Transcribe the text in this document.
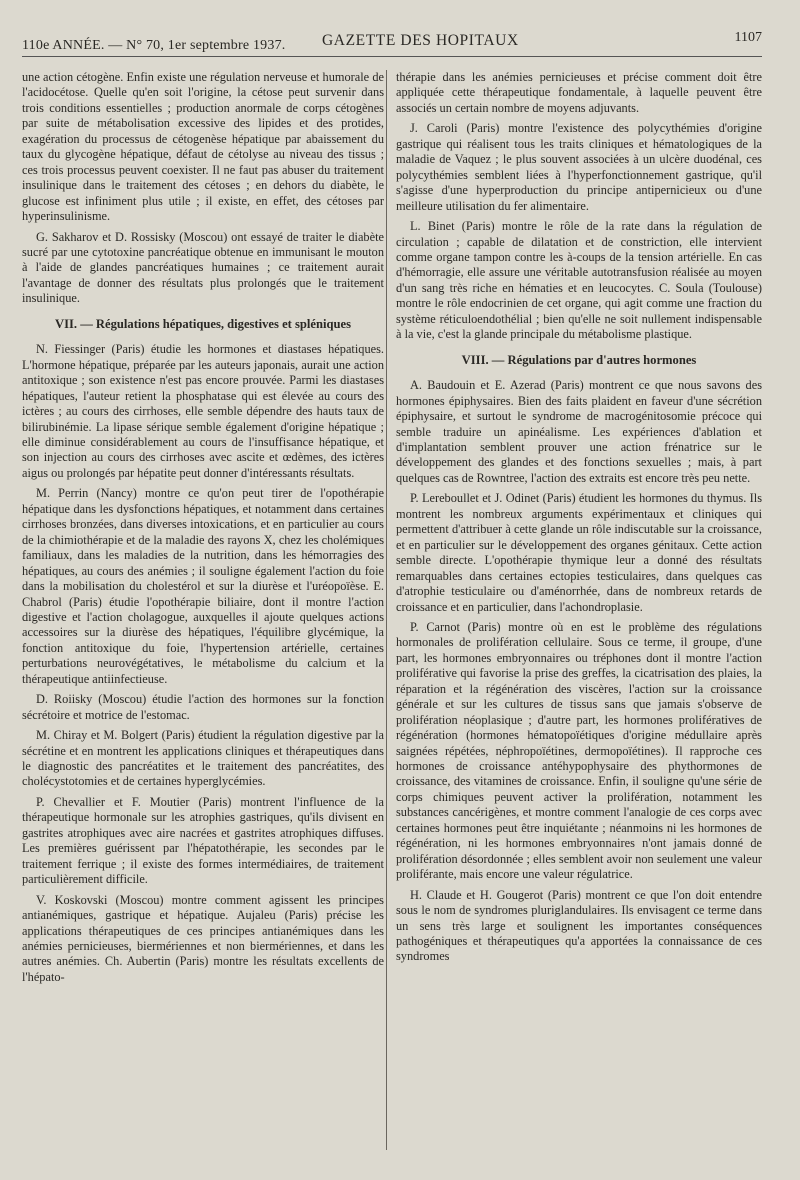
110e ANNÉE. — N° 70, 1er septembre 1937. GAZETTE DES HOPITAUX	1107

une action cétogène. Enfin existe une régulation nerveuse et humorale de l'acidocétose. Quelle qu'en soit l'origine, la cétose peut survenir dans trois conditions essentielles ; production anormale de corps cétogènes par suite de métabolisation excessive des lipides et des protides, exagération du processus de cétogenèse hépatique par abaissement du taux du glycogène hépatique, défaut de cétolyse au niveau des tissus ; ces trois processus peuvent coexister. Il ne faut pas abuser du traitement insulinique dans le traitement des cétoses ; en dehors du diabète, le glucose est infiniment plus utile ; il existe, en effet, des cétoses par hyperinsulinisme.

G. Sakharov et D. Rossisky (Moscou) ont essayé de traiter le diabète sucré par une cytotoxine pancréatique obtenue en immunisant le mouton à l'aide de glandes pancréatiques humaines ; ce traitement aurait l'avantage de donner des résultats plus prolongés que le traitement insulinique.

VII. — Régulations hépatiques, digestives et spléniques

N. Fiessinger (Paris) étudie les hormones et diastases hépatiques. L'hormone hépatique, préparée par les auteurs japonais, aurait une action antitoxique ; son existence n'est pas encore prouvée. Parmi les diastases hépatiques, l'auteur retient la phosphatase qui est élevée au cours des ictères ; au cours des cirrhoses, elle semble dépendre des hauts taux de bilirubinémie. La lipase sérique semble également d'origine hépatique ; elle diminue considérablement au cours de l'insuffisance hépatique, et son injection au cours des cirrhoses avec ascite et œdèmes, des ictères aigus ou prolongés par hépatite peut donner d'intéressants résultats.

M. Perrin (Nancy) montre ce qu'on peut tirer de l'opothérapie hépatique dans les dysfonctions hépatiques, et notamment dans certaines cirrhoses bronzées, dans diverses intoxications, et en particulier au cours de la chimiothérapie et de la maladie des rayons X, chez les cholémiques familiaux, dans les maladies de la nutrition, dans les hémorragies des hépatiques, au cours des anémies ; il souligne également l'action du foie dans la mobilisation du cholestérol et sur la diurèse et l'uréopoïèse. E. Chabrol (Paris) étudie l'opothérapie biliaire, dont il montre l'action digestive et l'action cholagogue, auxquelles il ajoute quelques actions accessoires sur la diurèse des hépatiques, l'équilibre glycémique, la fonction antitoxique du foie, l'hypertension artérielle, certaines perturbations neurovégétatives, le métabolisme du calcium et la thérapeutique antiinfectieuse.

D. Roiisky (Moscou) étudie l'action des hormones sur la fonction sécrétoire et motrice de l'estomac.

M. Chiray et M. Bolgert (Paris) étudient la régulation digestive par la sécrétine et en montrent les applications cliniques et thérapeutiques dans le diagnostic des pancréatites et le traitement des pancréatites, des cholécystotomies et de certaines hyperglycémies.

P. Chevallier et F. Moutier (Paris) montrent l'influence de la thérapeutique hormonale sur les atrophies gastriques, qu'ils divisent en gastrites atrophiques avec aire nacrées et gastrites atrophiques diffuses. Les premières guérissent par l'hépatothérapie, les secondes par le traitement ferrique ; il existe des formes intermédiaires, de traitement particulièrement difficile.

V. Koskovski (Moscou) montre comment agissent les principes antianémiques, gastrique et hépatique. Aujaleu (Paris) précise les applications thérapeutiques de ces principes antianémiques dans les anémies pernicieuses, biermériennes et non biermériennes, et dans les autres anémies. Ch. Aubertin (Paris) montre les résultats excellents de l'hépato-

thérapie dans les anémies pernicieuses et précise comment doit être appliquée cette thérapeutique fondamentale, à laquelle peuvent être associés un certain nombre de moyens adjuvants.

J. Caroli (Paris) montre l'existence des polycythémies d'origine gastrique qui réalisent tous les traits cliniques et hématologiques de la maladie de Vaquez ; le plus souvent associées à un ulcère duodénal, ces polycythémies semblent liées à l'hyperfonctionnement gastrique, qu'il s'agisse d'une hyperproduction du principe antipernicieux ou d'une meilleure utilisation du fer alimentaire.

L. Binet (Paris) montre le rôle de la rate dans la régulation de circulation ; capable de dilatation et de constriction, elle intervient comme organe tampon contre les à-coups de la tension artérielle. En cas d'hémorragie, elle assure une véritable autotransfusion réalisée au moyen d'un sang très riche en hématies et en leucocytes. C. Soula (Toulouse) montre le rôle endocrinien de cet organe, qui agit comme une fraction du système réticuloendothélial ; bien qu'elle ne soit nullement indispensable à la vie, c'est la glande principale du métabolisme plastique.

VIII. — Régulations par d'autres hormones

A. Baudouin et E. Azerad (Paris) montrent ce que nous savons des hormones épiphysaires. Bien des faits plaident en faveur d'une sécrétion épiphysaire, et surtout le syndrome de macrogénitosomie précoce qui semble traduire un apinéalisme. Les expériences d'ablation et d'implantation semblent prouver une action frénatrice sur le développement des glandes et des fonctions sexuelles ; mais, à part quelques cas de Rowntree, l'action des extraits est encore très peu nette.

P. Lereboullet et J. Odinet (Paris) étudient les hormones du thymus. Ils montrent les nombreux arguments expérimentaux et cliniques qui permettent d'attribuer à cette glande un rôle indiscutable sur la croissance, et en particulier sur le développement des organes génitaux. Cette action semble directe. L'opothérapie thymique leur a donné des résultats remarquables dans certaines ectopies testiculaires, dans quelques cas d'atrophie testiculaire ou d'aménorrhée, dans de nombreux retards de croissance et en particulier, dans l'achondroplasie.

P. Carnot (Paris) montre où en est le problème des régulations hormonales de prolifération cellulaire. Sous ce terme, il groupe, d'une part, les hormones embryonnaires ou tréphones dont il montre l'action proliférative qui favorise la prise des greffes, la cicatrisation des plaies, la réparation et la régénération des viscères, l'action sur la croissance générale et sur les cultures de tissus sans que jamais s'observe de prolifération néoplasique ; d'autre part, les hormones prolifératives de régénération (hormones hématopoïétiques d'origine médullaire après saignées répétées, néphropoïétines, dermopoïétines). Il rapproche ces hormones de croissance antéhypophysaire des phythormones de croissance, des vitamines de croissance. Enfin, il souligne qu'une série de corps chimiques peuvent activer la prolifération, notamment les substances cancérigènes, et montre comment l'analogie de ces corps avec certaines hormones peut être inquiétante ; néanmoins ni les hormones de régénération, ni les hormones embryonnaires n'ont jamais donné de prolifération désordonnée ; elles semblent avoir non seulement une valeur proliférante, mais encore une valeur régulatrice.

H. Claude et H. Gougerot (Paris) montrent ce que l'on doit entendre sous le nom de syndromes pluriglandulaires. Ils envisagent ce terme dans un sens très large et soulignent les importantes conséquences pathogéniques et thérapeutiques qu'a apportées la connaissance de ces syndromes
